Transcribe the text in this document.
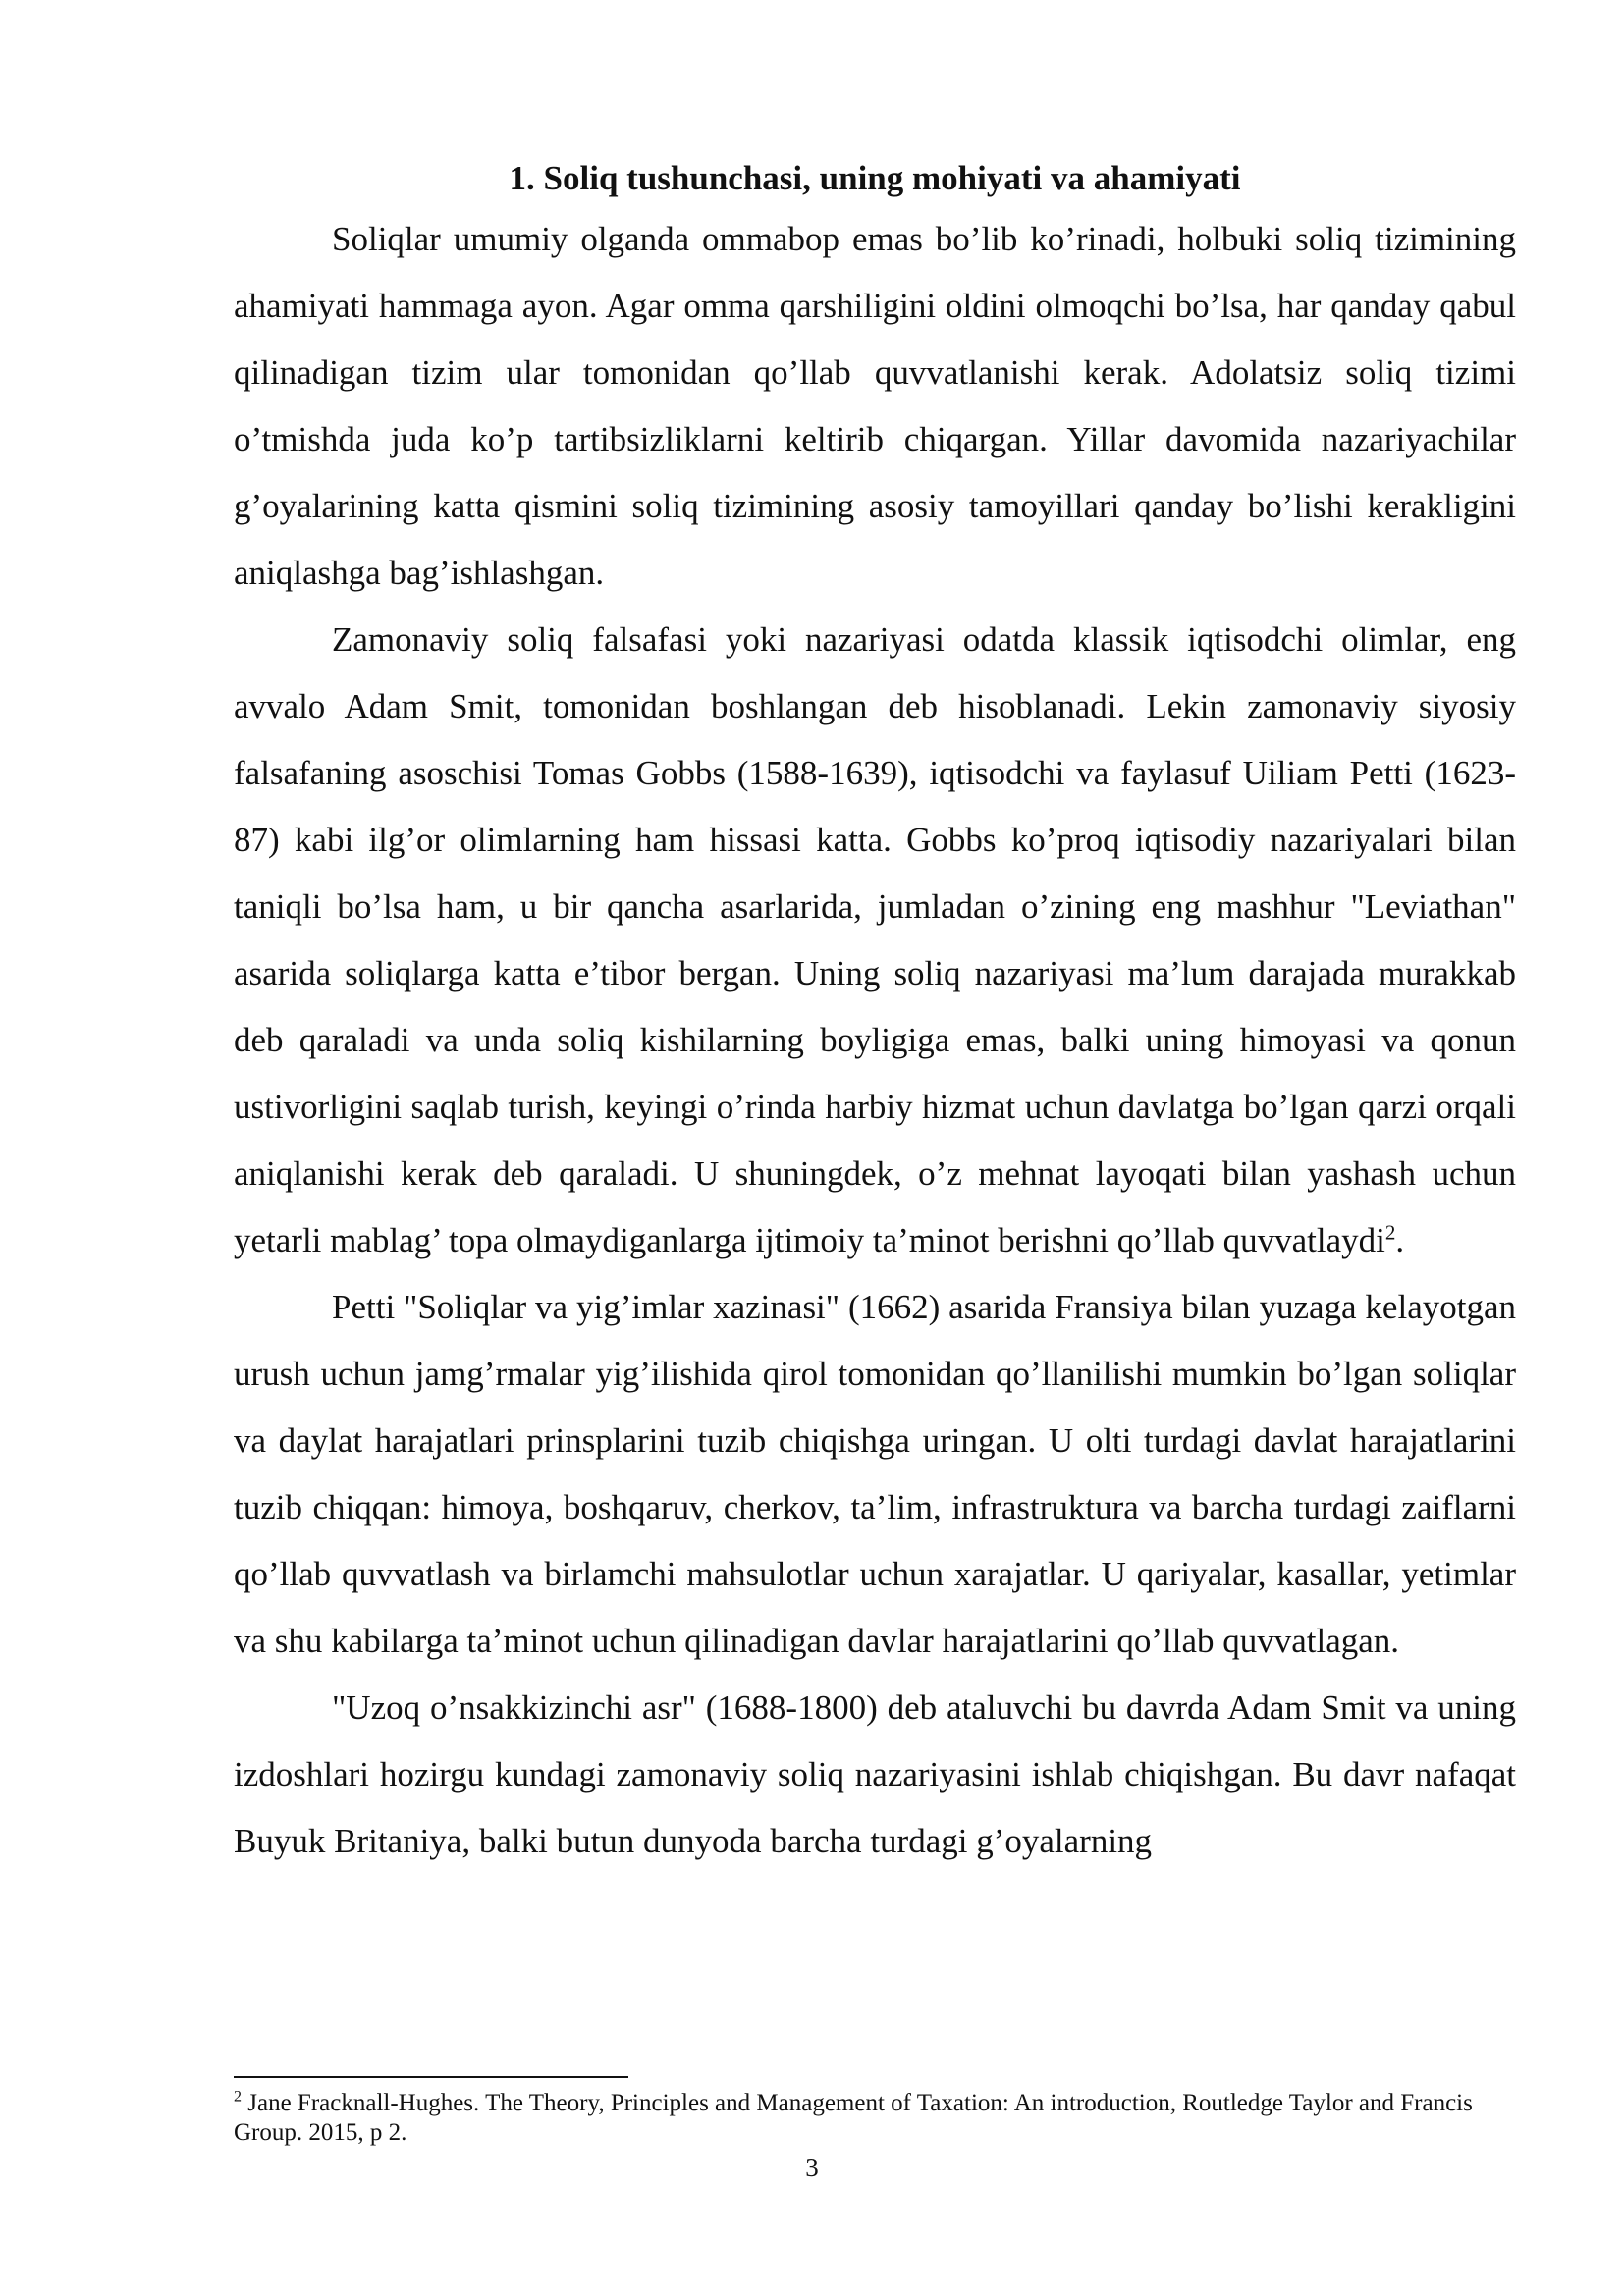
1. Soliq tushunchasi, uning mohiyati va ahamiyati

Soliqlar umumiy olganda ommabop emas bo’lib ko’rinadi, holbuki soliq tizimining ahamiyati hammaga ayon. Agar omma qarshiligini oldini olmoqchi bo’lsa, har qanday qabul qilinadigan tizim ular tomonidan qo’llab quvvatlanishi kerak. Adolatsiz soliq tizimi o’tmishda juda ko’p tartibsizliklarni keltirib chiqargan. Yillar davomida nazariyachilar g’oyalarining katta qismini soliq tizimining asosiy tamoyillari qanday bo’lishi kerakligini aniqlashga bag’ishlashgan.

Zamonaviy soliq falsafasi yoki nazariyasi odatda klassik iqtisodchi olimlar, eng avvalo Adam Smit, tomonidan boshlangan deb hisoblanadi. Lekin zamonaviy siyosiy falsafaning asoschisi Tomas Gobbs (1588-1639), iqtisodchi va faylasuf Uiliam Petti (1623-87) kabi ilg’or olimlarning ham hissasi katta. Gobbs ko’proq iqtisodiy nazariyalari bilan taniqli bo’lsa ham, u bir qancha asarlarida, jumladan o’zining eng mashhur "Leviathan" asarida soliqlarga katta e’tibor bergan. Uning soliq nazariyasi ma’lum darajada murakkab deb qaraladi va unda soliq kishilarning boyligiga emas, balki uning himoyasi va qonun ustivorligini saqlab turish, keyingi o’rinda harbiy hizmat uchun davlatga bo’lgan qarzi orqali aniqlanishi kerak deb qaraladi. U shuningdek, o’z mehnat layoqati bilan yashash uchun yetarli mablag’ topa olmaydiganlarga ijtimoiy ta’minot berishni qo’llab quvvatlaydi$^2$.

Petti "Soliqlar va yig’imlar xazinasi" (1662) asarida Fransiya bilan yuzaga kelayotgan urush uchun jamg’rmalar yig’ilishida qirol tomonidan qo’llanilishi mumkin bo’lgan soliqlar va daylat harajatlari prinsplarini tuzib chiqishga uringan. U olti turdagi davlat harajatlarini tuzib chiqqan: himoya, boshqaruv, cherkov, ta’lim, infrastruktura va barcha turdagi zaiflarni qo’llab quvvatlash va birlamchi mahsulotlar uchun xarajatlar. U qariyalar, kasallar, yetimlar va shu kabilarga ta’minot uchun qilinadigan davlar harajatlarini qo’llab quvvatlagan.

"Uzoq o’nsakkizinchi asr" (1688-1800) deb ataluvchi bu davrda Adam Smit va uning izdoshlari hozirgu kundagi zamonaviy soliq nazariyasini ishlab chiqishgan. Bu davr nafaqat Buyuk Britaniya, balki butun dunyoda barcha turdagi g’oyalarning

$^2$ Jane Fracknall-Hughes. The Theory, Principles and Management of Taxation: An introduction, Routledge Taylor and Francis Group. 2015, p 2.

3
